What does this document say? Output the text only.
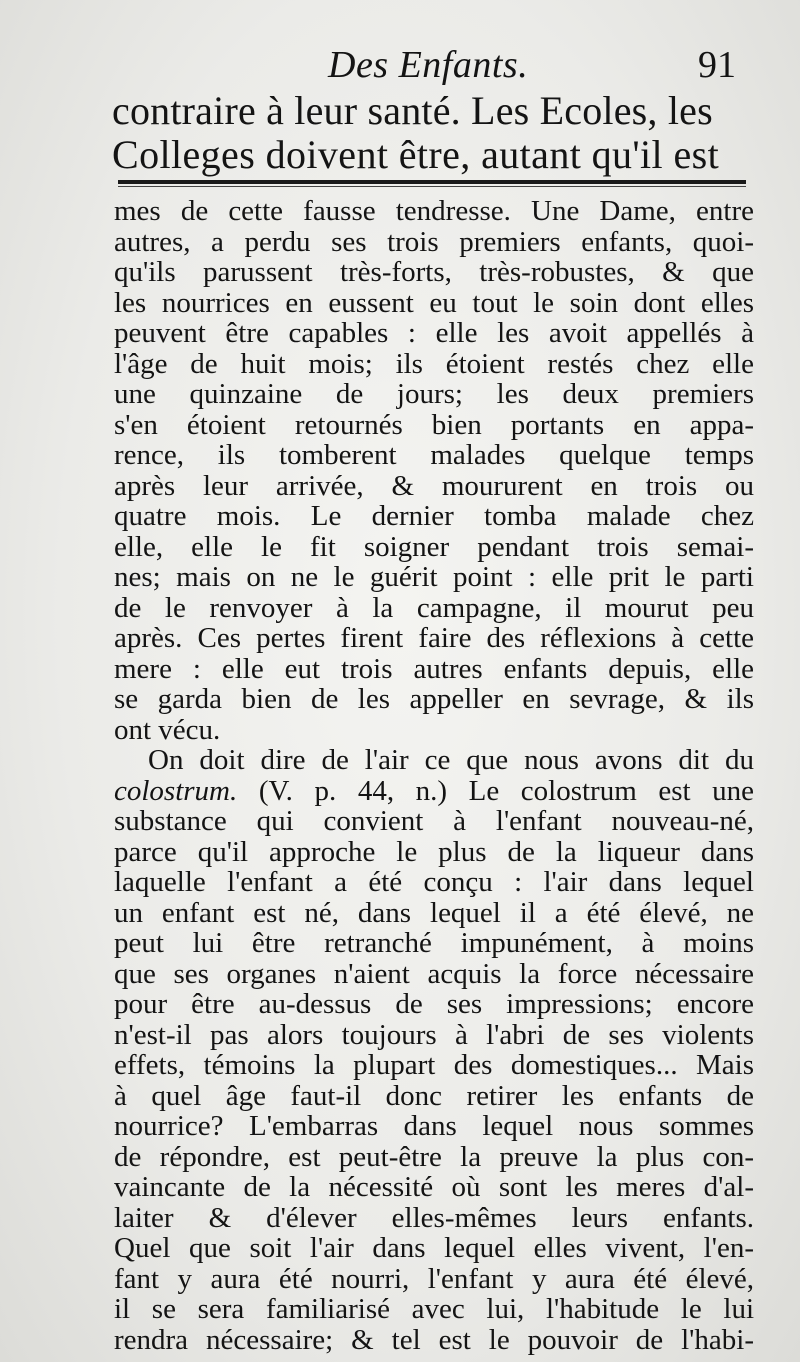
Des Enfants.	91
contraire à leur santé. Les Ecoles, les
Colleges doivent être, autant qu'il est
mes de cette fausse tendresse. Une Dame, entre
autres, a perdu ses trois premiers enfants, quoi-
qu'ils parussent très-forts, très-robustes, & que
les nourrices en eussent eu tout le soin dont elles
peuvent être capables : elle les avoit appellés à
l'âge de huit mois; ils étoient restés chez elle
une quinzaine de jours; les deux premiers
s'en étoient retournés bien portants en appa-
rence, ils tomberent malades quelque temps
après leur arrivée, & moururent en trois ou
quatre mois. Le dernier tomba malade chez
elle, elle le fit soigner pendant trois semai-
nes; mais on ne le guérit point : elle prit le parti
de le renvoyer à la campagne, il mourut peu
après. Ces pertes firent faire des réflexions à cette
mere : elle eut trois autres enfants depuis, elle
se garda bien de les appeller en sevrage, & ils
ont vécu.
On doit dire de l'air ce que nous avons dit du
colostrum. (V. p. 44, n.) Le colostrum est une
substance qui convient à l'enfant nouveau-né,
parce qu'il approche le plus de la liqueur dans
laquelle l'enfant a été conçu : l'air dans lequel
un enfant est né, dans lequel il a été élevé, ne
peut lui être retranché impunément, à moins
que ses organes n'aient acquis la force nécessaire
pour être au-dessus de ses impressions; encore
n'est-il pas alors toujours à l'abri de ses violents
effets, témoins la plupart des domestiques... Mais
à quel âge faut-il donc retirer les enfants de
nourrice? L'embarras dans lequel nous sommes
de répondre, est peut-être la preuve la plus con-
vaincante de la nécessité où sont les meres d'al-
laiter & d'élever elles-mêmes leurs enfants.
Quel que soit l'air dans lequel elles vivent, l'en-
fant y aura été nourri, l'enfant y aura été élevé,
il se sera familiarisé avec lui, l'habitude le lui
rendra nécessaire; & tel est le pouvoir de l'habi-
